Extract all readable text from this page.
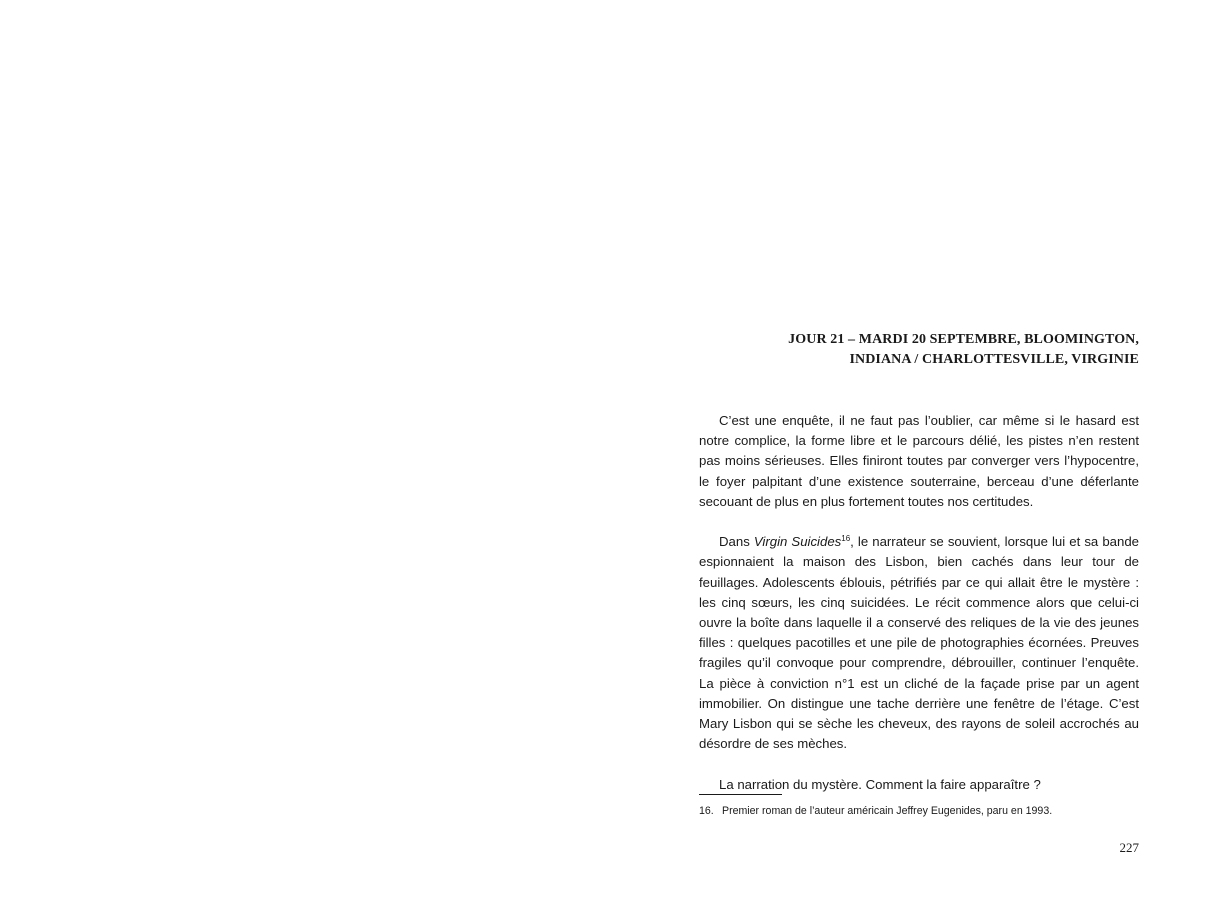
JOUR 21 – MARDI 20 SEPTEMBRE, BLOOMINGTON,
INDIANA / CHARLOTTESVILLE, VIRGINIE

C’est une enquête, il ne faut pas l’oublier, car même si le hasard est notre complice, la forme libre et le parcours délié, les pistes n’en restent pas moins sérieuses. Elles finiront toutes par converger vers l’hypocentre, le foyer palpitant d’une existence souterraine, berceau d’une déferlante secouant de plus en plus fortement toutes nos certitudes.

Dans Virgin Suicides$^{16}$, le narrateur se souvient, lorsque lui et sa bande espionnaient la maison des Lisbon, bien cachés dans leur tour de feuillages. Adolescents éblouis, pétrifiés par ce qui allait être le mystère : les cinq sœurs, les cinq suicidées. Le récit commence alors que celui-ci ouvre la boîte dans laquelle il a conservé des reliques de la vie des jeunes filles : quelques pacotilles et une pile de photographies écornées. Preuves fragiles qu’il convoque pour comprendre, débrouiller, continuer l’enquête. La pièce à conviction n°1 est un cliché de la façade prise par un agent immobilier. On distingue une tache derrière une fenêtre de l’étage. C’est Mary Lisbon qui se sèche les cheveux, des rayons de soleil accrochés au désordre de ses mèches.

La narration du mystère. Comment la faire apparaître ?

16. Premier roman de l’auteur américain Jeffrey Eugenides, paru en 1993.
227
